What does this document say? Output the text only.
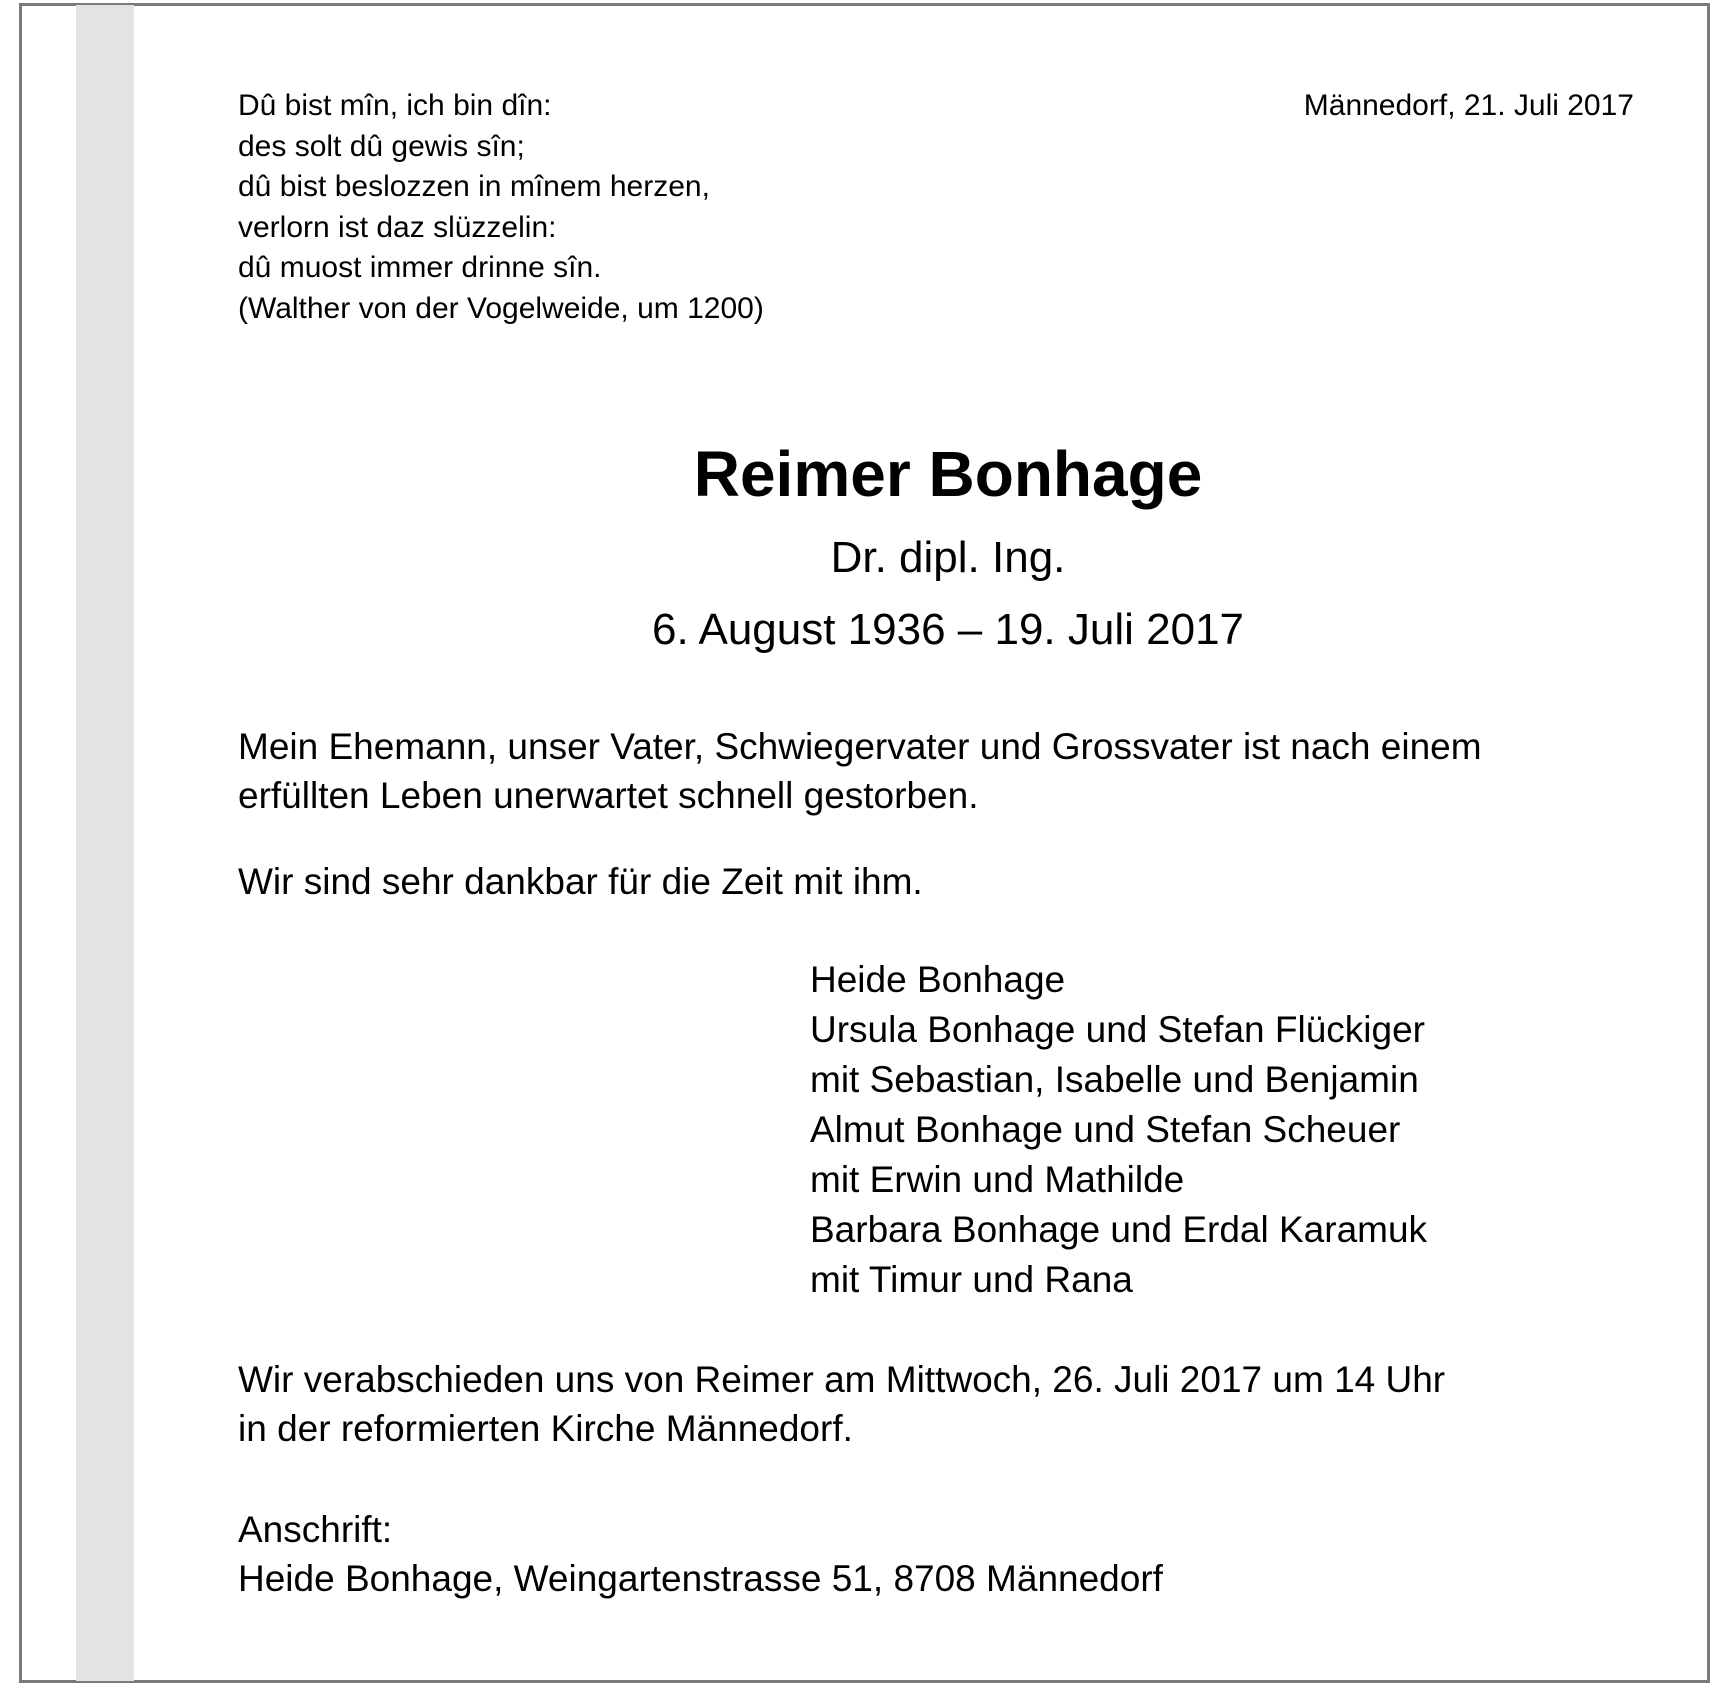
Dû bist mîn, ich bin dîn:
des solt dû gewis sîn;
dû bist beslozzen in mînem herzen,
verlorn ist daz slüzzelin:
dû muost immer drinne sîn.
(Walther von der Vogelweide, um 1200)
Männedorf, 21. Juli 2017
Reimer Bonhage
Dr. dipl. Ing.
6. August 1936 – 19. Juli 2017
Mein Ehemann, unser Vater, Schwiegervater und Grossvater ist nach einem
erfüllten Leben unerwartet schnell gestorben.
Wir sind sehr dankbar für die Zeit mit ihm.
Heide Bonhage
Ursula Bonhage und Stefan Flückiger
mit Sebastian, Isabelle und Benjamin
Almut Bonhage und Stefan Scheuer
mit Erwin und Mathilde
Barbara Bonhage und Erdal Karamuk
mit Timur und Rana
Wir verabschieden uns von Reimer am Mittwoch, 26. Juli 2017 um 14 Uhr
in der reformierten Kirche Männedorf.
Anschrift:
Heide Bonhage, Weingartenstrasse 51, 8708 Männedorf
